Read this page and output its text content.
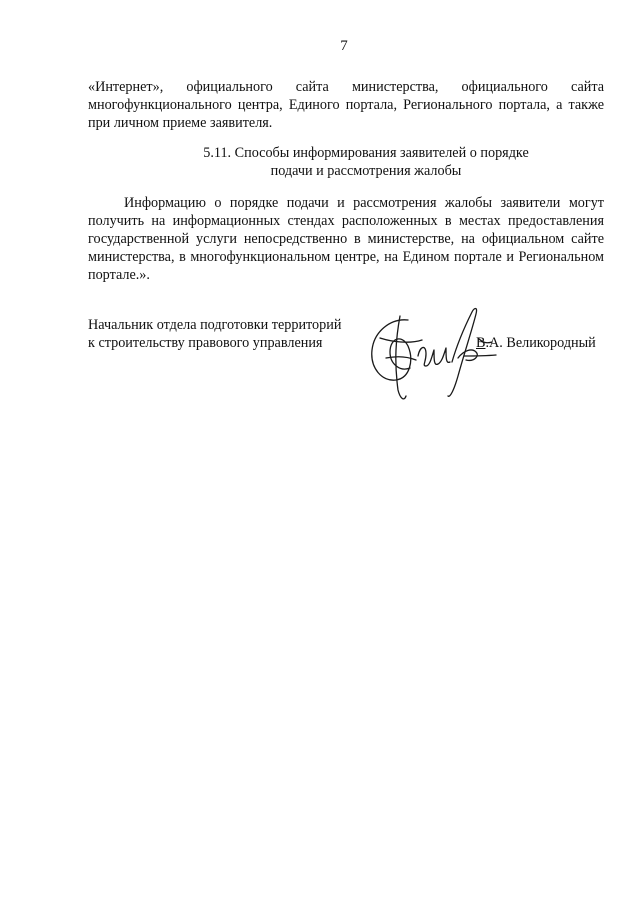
7

«Интернет», официального сайта министерства, официального сайта многофункционального центра, Единого портала, Регионального портала, а также при личном приеме заявителя.

5.11. Способы информирования заявителей о порядке
подачи и рассмотрения жалобы

Информацию о порядке подачи и рассмотрения жалобы заявители могут получить на информационных стендах расположенных в местах предоставления государственной услуги непосредственно в министерстве, на официальном сайте министерства, в многофункциональном центре, на Едином портале и Региональном портале.».

Начальник отдела подготовки территорий
к строительству правового управления	В.А. Великородный
